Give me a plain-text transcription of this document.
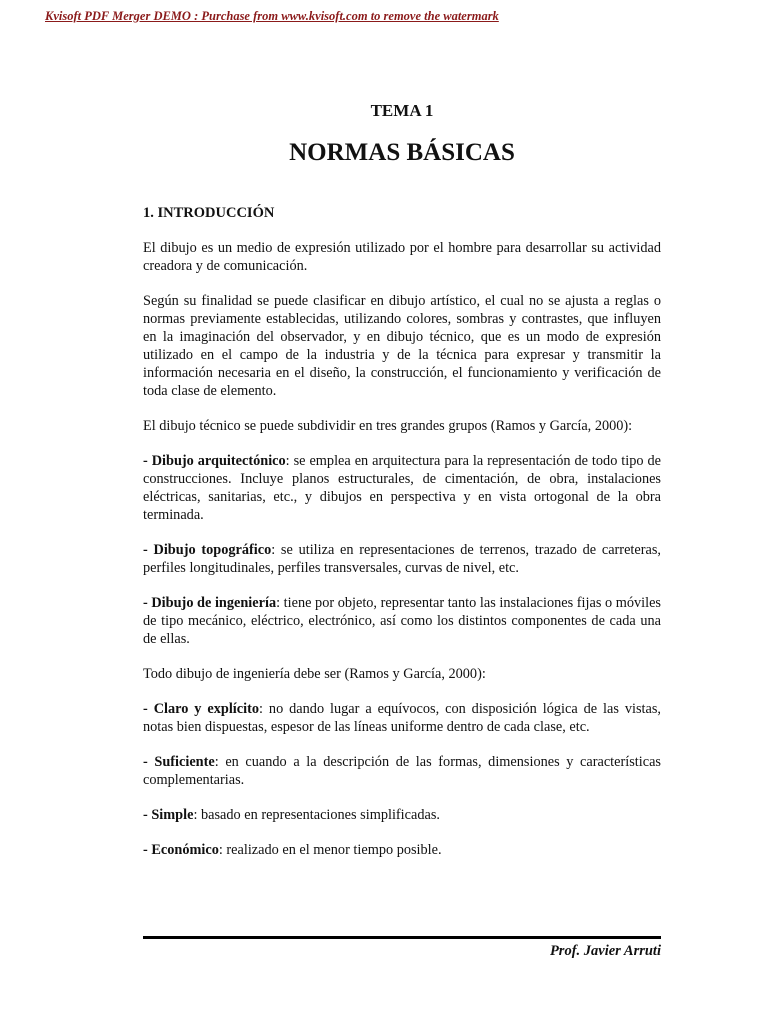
Kvisoft PDF Merger DEMO : Purchase from www.kvisoft.com to remove the watermark
TEMA 1
NORMAS BÁSICAS
1. INTRODUCCIÓN

El dibujo es un medio de expresión utilizado por el hombre para desarrollar su actividad creadora y de comunicación.

Según su finalidad se puede clasificar en dibujo artístico, el cual no se ajusta a reglas o normas previamente establecidas, utilizando colores, sombras y contrastes, que influyen en la imaginación del observador, y en dibujo técnico, que es un modo de expresión utilizado en el campo de la industria y de la técnica para expresar y transmitir la información necesaria en el diseño, la construcción, el funcionamiento y verificación de toda clase de elemento.

El dibujo técnico se puede subdividir en tres grandes grupos (Ramos y García, 2000):

- Dibujo arquitectónico: se emplea en arquitectura para la representación de todo tipo de construcciones. Incluye planos estructurales, de cimentación, de obra, instalaciones eléctricas, sanitarias, etc., y dibujos en perspectiva y en vista ortogonal de la obra terminada.

- Dibujo topográfico: se utiliza en representaciones de terrenos, trazado de carreteras, perfiles longitudinales, perfiles transversales, curvas de nivel, etc.

- Dibujo de ingeniería: tiene por objeto, representar tanto las instalaciones fijas o móviles de tipo mecánico, eléctrico, electrónico, así como los distintos componentes de cada una de ellas.

Todo dibujo de ingeniería debe ser (Ramos y García, 2000):

- Claro y explícito: no dando lugar a equívocos, con disposición lógica de las vistas, notas bien dispuestas, espesor de las líneas uniforme dentro de cada clase, etc.

- Suficiente: en cuando a la descripción de las formas, dimensiones y características complementarias.

- Simple: basado en representaciones simplificadas.

- Económico: realizado en el menor tiempo posible.

Prof. Javier Arruti
